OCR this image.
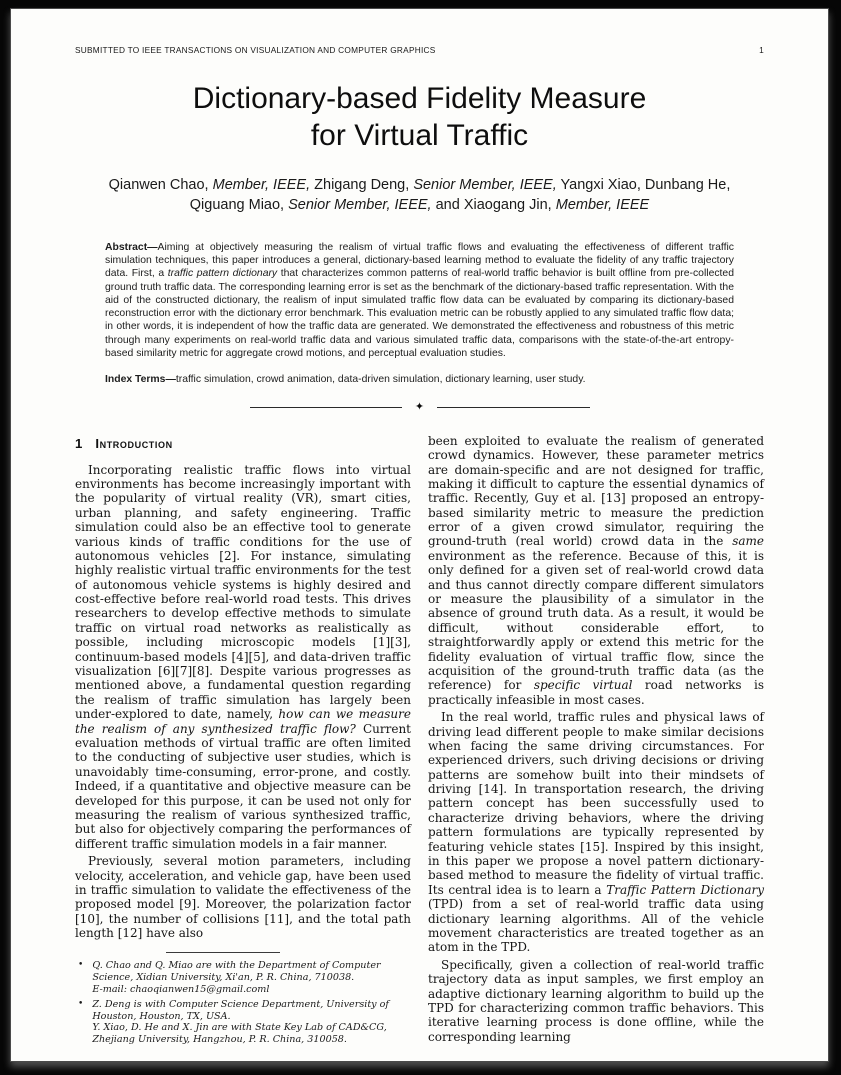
SUBMITTED TO IEEE TRANSACTIONS ON VISUALIZATION AND COMPUTER GRAPHICS	1
Dictionary-based Fidelity Measure
for Virtual Traffic
Qianwen Chao, Member, IEEE, Zhigang Deng, Senior Member, IEEE, Yangxi Xiao, Dunbang He,
Qiguang Miao, Senior Member, IEEE, and Xiaogang Jin, Member, IEEE

Abstract—Aiming at objectively measuring the realism of virtual traffic flows and evaluating the effectiveness of different traffic simulation techniques, this paper introduces a general, dictionary-based learning method to evaluate the fidelity of any traffic trajectory data. First, a traffic pattern dictionary that characterizes common patterns of real-world traffic behavior is built offline from pre-collected ground truth traffic data. The corresponding learning error is set as the benchmark of the dictionary-based traffic representation. With the aid of the constructed dictionary, the realism of input simulated traffic flow data can be evaluated by comparing its dictionary-based reconstruction error with the dictionary error benchmark. This evaluation metric can be robustly applied to any simulated traffic flow data; in other words, it is independent of how the traffic data are generated. We demonstrated the effectiveness and robustness of this metric through many experiments on real-world traffic data and various simulated traffic data, comparisons with the state-of-the-art entropy-based similarity metric for aggregate crowd motions, and perceptual evaluation studies.

Index Terms—traffic simulation, crowd animation, data-driven simulation, dictionary learning, user study.

✦
1 Introduction

Incorporating realistic traffic flows into virtual environments has become increasingly important with the popularity of virtual reality (VR), smart cities, urban planning, and safety engineering. Traffic simulation could also be an effective tool to generate various kinds of traffic conditions for the use of autonomous vehicles [2]. For instance, simulating highly realistic virtual traffic environments for the test of autonomous vehicle systems is highly desired and cost-effective before real-world road tests. This drives researchers to develop effective methods to simulate traffic on virtual road networks as realistically as possible, including microscopic models [1][3], continuum-based models [4][5], and data-driven traffic visualization [6][7][8]. Despite various progresses as mentioned above, a fundamental question regarding the realism of traffic simulation has largely been under-explored to date, namely, how can we measure the realism of any synthesized traffic flow? Current evaluation methods of virtual traffic are often limited to the conducting of subjective user studies, which is unavoidably time-consuming, error-prone, and costly. Indeed, if a quantitative and objective measure can be developed for this purpose, it can be used not only for measuring the realism of various synthesized traffic, but also for objectively comparing the performances of different traffic simulation models in a fair manner.

Previously, several motion parameters, including velocity, acceleration, and vehicle gap, have been used in traffic simulation to validate the effectiveness of the proposed model [9]. Moreover, the polarization factor [10], the number of collisions [11], and the total path length [12] have also

• Q. Chao and Q. Miao are with the Department of Computer Science, Xidian University, Xi'an, P. R. China, 710038.
E-mail: chaoqianwen15@gmail.coml
• Z. Deng is with Computer Science Department, University of Houston, Houston, TX, USA.
Y. Xiao, D. He and X. Jin are with State Key Lab of CAD&CG, Zhejiang University, Hangzhou, P. R. China, 310058.

been exploited to evaluate the realism of generated crowd dynamics. However, these parameter metrics are domain-specific and are not designed for traffic, making it difficult to capture the essential dynamics of traffic. Recently, Guy et al. [13] proposed an entropy-based similarity metric to measure the prediction error of a given crowd simulator, requiring the ground-truth (real world) crowd data in the same environment as the reference. Because of this, it is only defined for a given set of real-world crowd data and thus cannot directly compare different simulators or measure the plausibility of a simulator in the absence of ground truth data. As a result, it would be difficult, without considerable effort, to straightforwardly apply or extend this metric for the fidelity evaluation of virtual traffic flow, since the acquisition of the ground-truth traffic data (as the reference) for specific virtual road networks is practically infeasible in most cases.

In the real world, traffic rules and physical laws of driving lead different people to make similar decisions when facing the same driving circumstances. For experienced drivers, such driving decisions or driving patterns are somehow built into their mindsets of driving [14]. In transportation research, the driving pattern concept has been successfully used to characterize driving behaviors, where the driving pattern formulations are typically represented by featuring vehicle states [15]. Inspired by this insight, in this paper we propose a novel pattern dictionary-based method to measure the fidelity of virtual traffic. Its central idea is to learn a Traffic Pattern Dictionary (TPD) from a set of real-world traffic data using dictionary learning algorithms. All of the vehicle movement characteristics are treated together as an atom in the TPD.

Specifically, given a collection of real-world traffic trajectory data as input samples, we first employ an adaptive dictionary learning algorithm to build up the TPD for characterizing common traffic behaviors. This iterative learning process is done offline, while the corresponding learning
